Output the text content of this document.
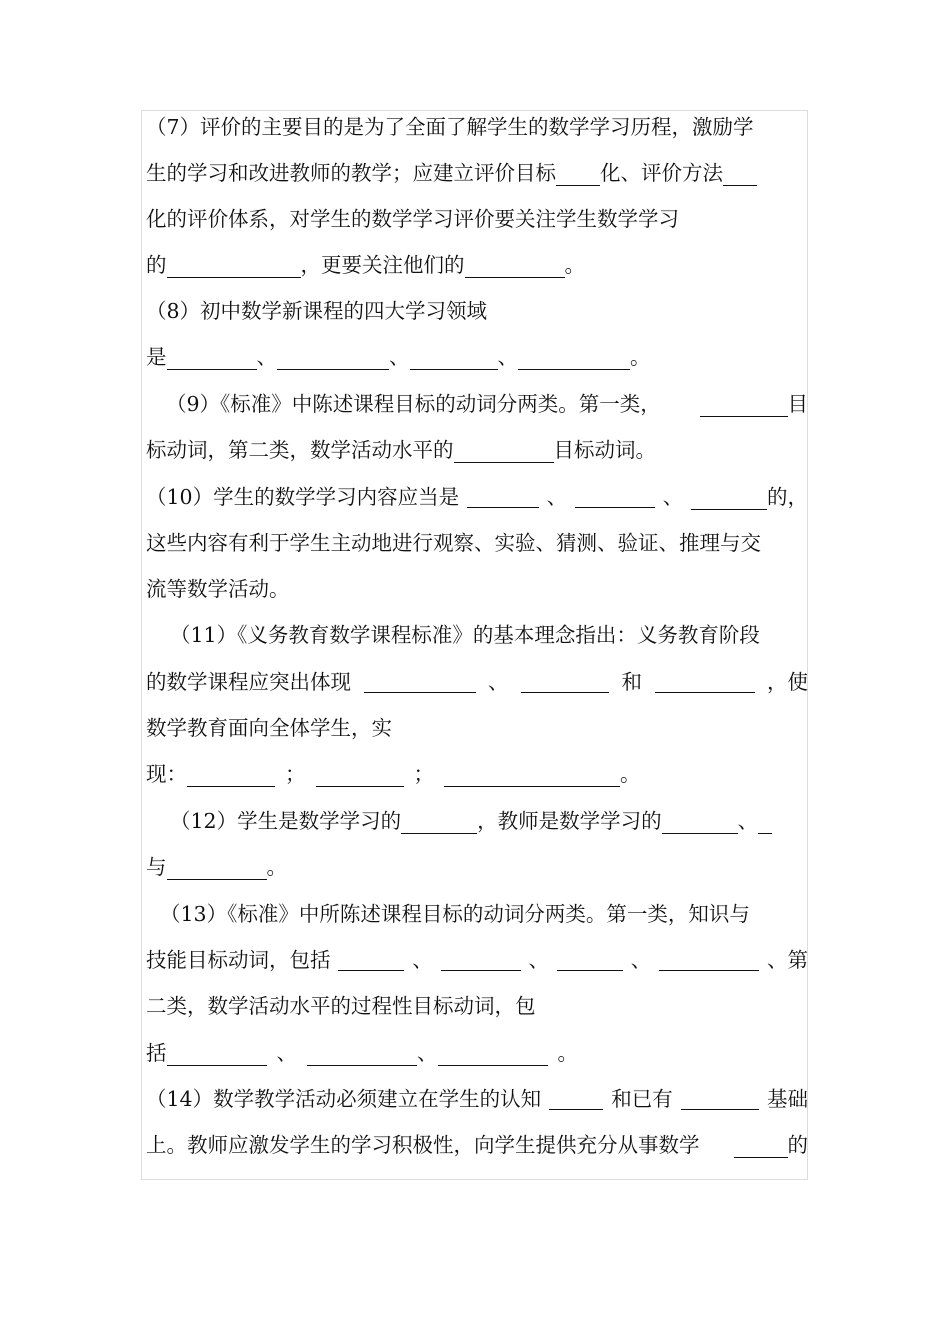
（7）评价的主要目的是为了全面了解学生的数学学习历程，激励学
生的学习和改进教师的教学；应建立评价目标 化、评价方法
化的评价体系，对学生的数学学习评价要关注学生数学学习
的	，更要关注他们的	。
（8）初中数学新课程的四大学习领域
是	、	、	、	。
（9）《标准》中陈述课程目标的动词分两类。第一类，	目
标动词，第二类，数学活动水平的	目标动词。
（10）学生的数学学习内容应当是	、	、	的，
这些内容有利于学生主动地进行观察、实验、猜测、验证、推理与交
流等数学活动。
（11）《义务教育数学课程标准》的基本理念指出：义务教育阶段
的数学课程应突出体现	、	和	，使
数学教育面向全体学生，实
现：	；	；	。
（12）学生是数学学习的	，教师是数学学习的	、
与	。
（13）《标准》中所陈述课程目标的动词分两类。第一类，知识与
技能目标动词，包括	、	、	、	、第
二类，数学活动水平的过程性目标动词，包
括	、	、	。
（14）数学教学活动必须建立在学生的认知	和已有	基础
上。教师应激发学生的学习积极性，向学生提供充分从事数学	的
